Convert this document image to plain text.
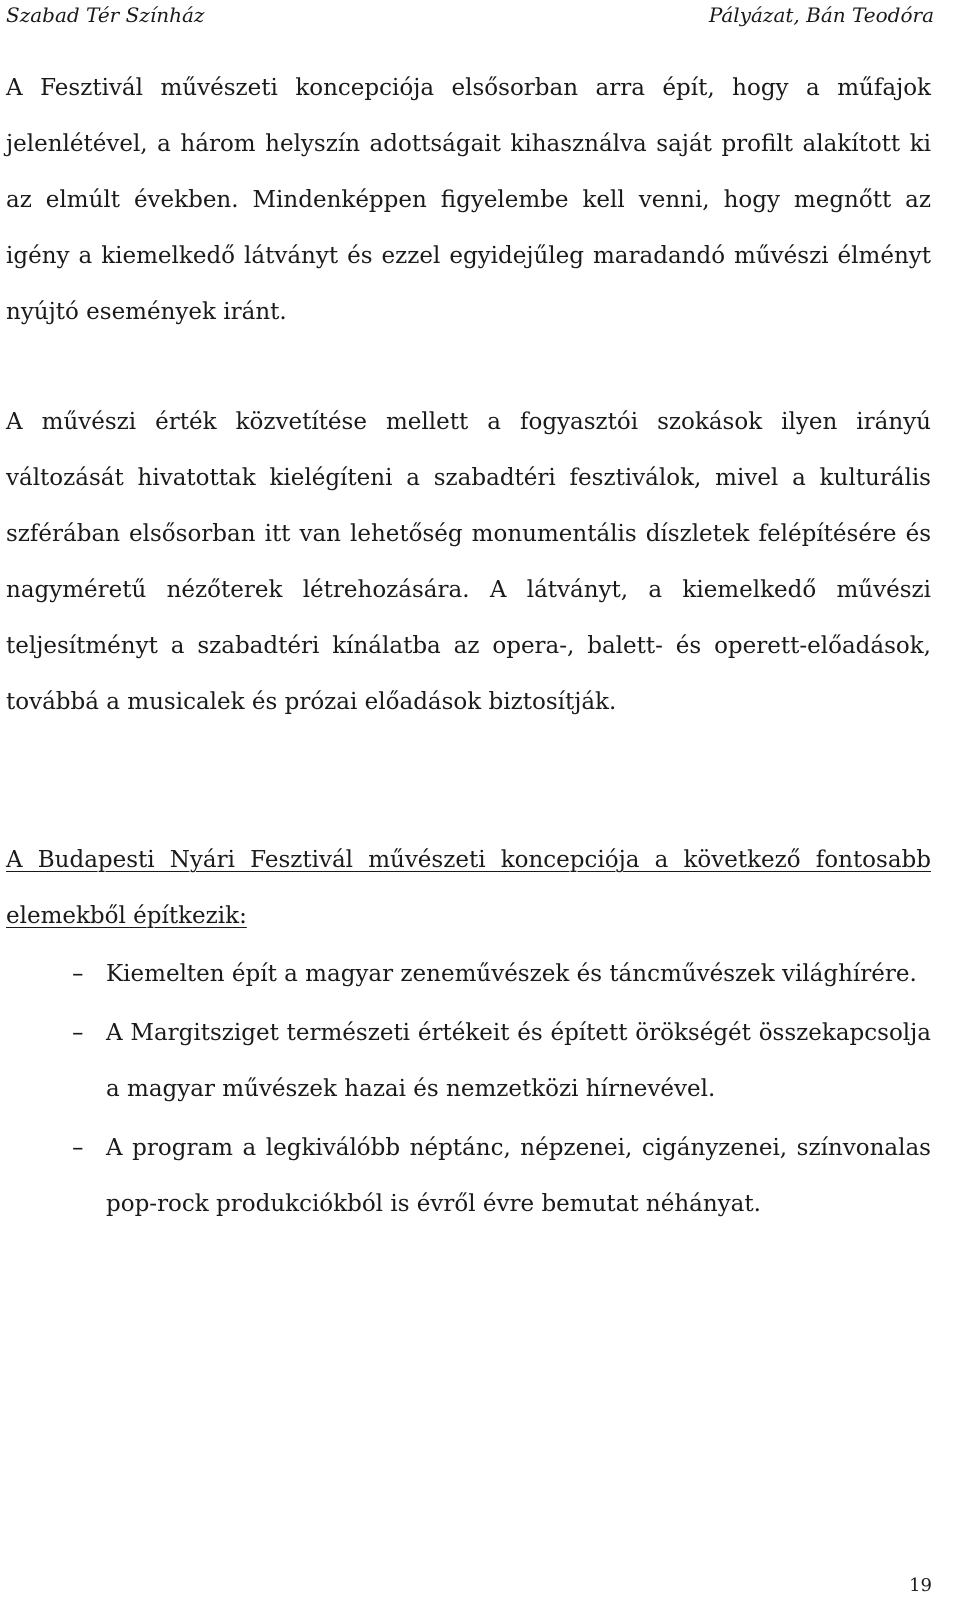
Szabad Tér Színház	Pályázat, Bán Teodóra

A Fesztivál művészeti koncepciója elsősorban arra épít, hogy a műfajok jelenlétével, a három helyszín adottságait kihasználva saját profilt alakított ki az elmúlt években. Mindenképpen figyelembe kell venni, hogy megnőtt az igény a kiemelkedő látványt és ezzel egyidejűleg maradandó művészi élményt nyújtó események iránt.

A művészi érték közvetítése mellett a fogyasztói szokások ilyen irányú változását hivatottak kielégíteni a szabadtéri fesztiválok, mivel a kulturális szférában elsősorban itt van lehetőség monumentális díszletek felépítésére és nagyméretű nézőterek létrehozására. A látványt, a kiemelkedő művészi teljesítményt a szabadtéri kínálatba az opera-, balett- és operett-előadások, továbbá a musicalek és prózai előadások biztosítják.

A Budapesti Nyári Fesztivál művészeti koncepciója a következő fontosabb elemekből építkezik:

– Kiemelten épít a magyar zeneművészek és táncművészek világhírére.
– A Margitsziget természeti értékeit és épített örökségét összekapcsolja a magyar művészek hazai és nemzetközi hírnevével.
– A program a legkiválóbb néptánc, népzenei, cigányzenei, színvonalas pop-rock produkciókból is évről évre bemutat néhányat.
19
